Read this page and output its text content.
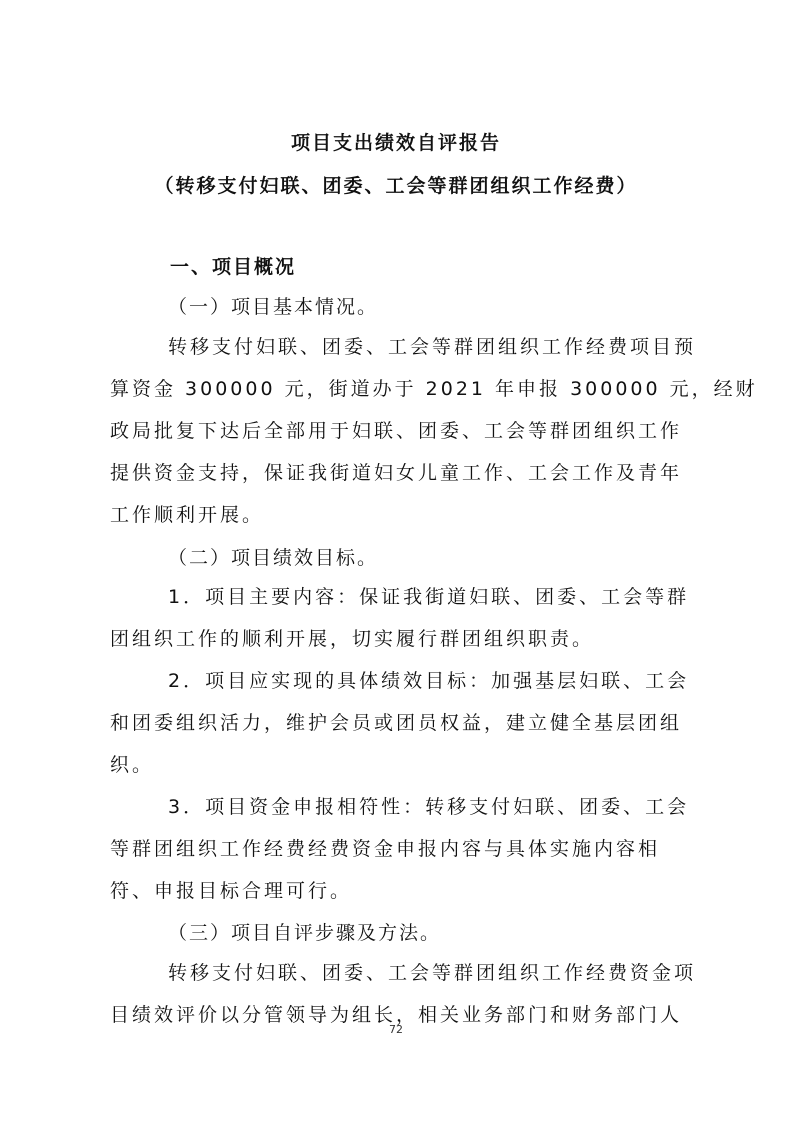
项目支出绩效自评报告
（转移支付妇联、团委、工会等群团组织工作经费）
一、项目概况
（一）项目基本情况。
转移支付妇联、团委、工会等群团组织工作经费项目预
算资金 300000 元，街道办于 2021 年申报 300000 元，经财
政局批复下达后全部用于妇联、团委、工会等群团组织工作
提供资金支持，保证我街道妇女儿童工作、工会工作及青年
工作顺利开展。
（二）项目绩效目标。
1．项目主要内容：保证我街道妇联、团委、工会等群
团组织工作的顺利开展，切实履行群团组织职责。
2．项目应实现的具体绩效目标：加强基层妇联、工会
和团委组织活力，维护会员或团员权益，建立健全基层团组
织。
3．项目资金申报相符性：转移支付妇联、团委、工会
等群团组织工作经费经费资金申报内容与具体实施内容相
符、申报目标合理可行。
（三）项目自评步骤及方法。
转移支付妇联、团委、工会等群团组织工作经费资金项
目绩效评价以分管领导为组长，相关业务部门和财务部门人
72
